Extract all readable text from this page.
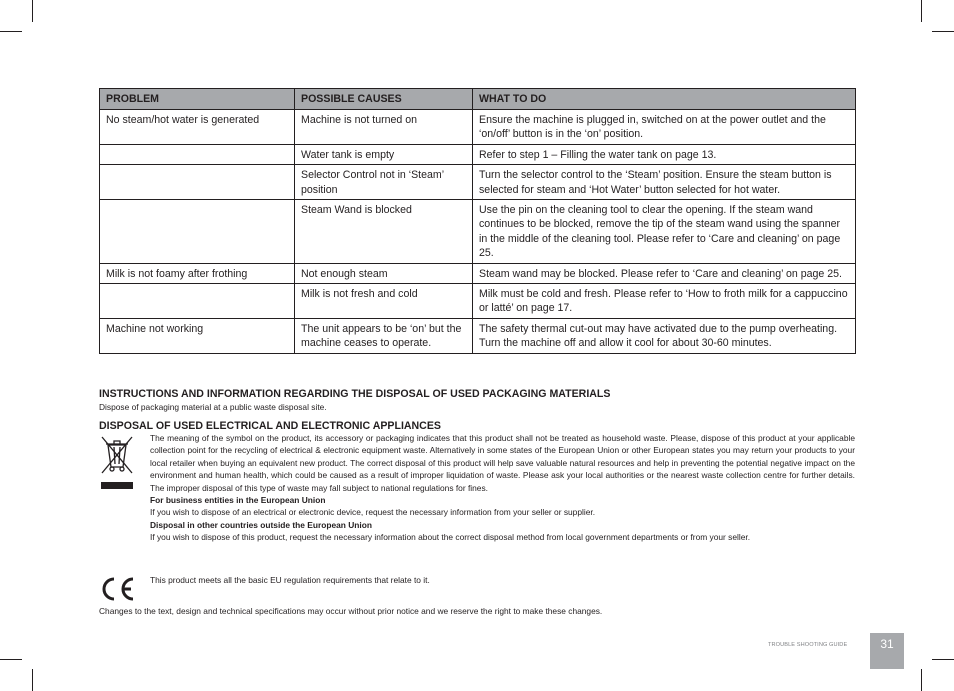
PROBLEM	POSSIBLE CAUSES	WHAT TO DO
No steam/hot water is generated	Machine is not turned on	Ensure the machine is plugged in, switched on at the power outlet and the ‘on/off’ button is in the ‘on’ position.
	Water tank is empty	Refer to step 1 – Filling the water tank on page 13.
	Selector Control not in ‘Steam’ position	Turn the selector control to the ‘Steam’ position. Ensure the steam button is selected for steam and ‘Hot Water’ button selected for hot water.
	Steam Wand is blocked	Use the pin on the cleaning tool to clear the opening. If the steam wand continues to be blocked, remove the tip of the steam wand using the spanner in the middle of the cleaning tool. Please refer to ‘Care and cleaning’ on page 25.
Milk is not foamy after frothing	Not enough steam	Steam wand may be blocked. Please refer to ‘Care and cleaning’ on page 25.
	Milk is not fresh and cold	Milk must be cold and fresh. Please refer to ‘How to froth milk for a cappuccino or latté’ on page 17.
Machine not working	The unit appears to be ‘on’ but the machine ceases to operate.	The safety thermal cut-out may have activated due to the pump overheating. Turn the machine off and allow it cool for about 30-60 minutes.
INSTRUCTIONS AND INFORMATION REGARDING THE DISPOSAL OF USED PACKAGING MATERIALS

Dispose of packaging material at a public waste disposal site.

DISPOSAL OF USED ELECTRICAL AND ELECTRONIC APPLIANCES

The meaning of the symbol on the product, its accessory or packaging indicates that this product shall not be treated as household waste. Please, dispose of this product at your applicable collection point for the recycling of electrical & electronic equipment waste. Alternatively in some states of the European Union or other European states you may return your products to your local retailer when buying an equivalent new product. The correct disposal of this product will help save valuable natural resources and help in preventing the potential negative impact on the environment and human health, which could be caused as a result of improper liquidation of waste. Please ask your local authorities or the nearest waste collection centre for further details. The improper disposal of this type of waste may fall subject to national regulations for fines.

For business entities in the European Union

If you wish to dispose of an electrical or electronic device, request the necessary information from your seller or supplier.

Disposal in other countries outside the European Union

If you wish to dispose of this product, request the necessary information about the correct disposal method from local government departments or from your seller.

This product meets all the basic EU regulation requirements that relate to it.

Changes to the text, design and technical specifications may occur without prior notice and we reserve the right to make these changes.

TROUBLE SHOOTING GUIDE	31
